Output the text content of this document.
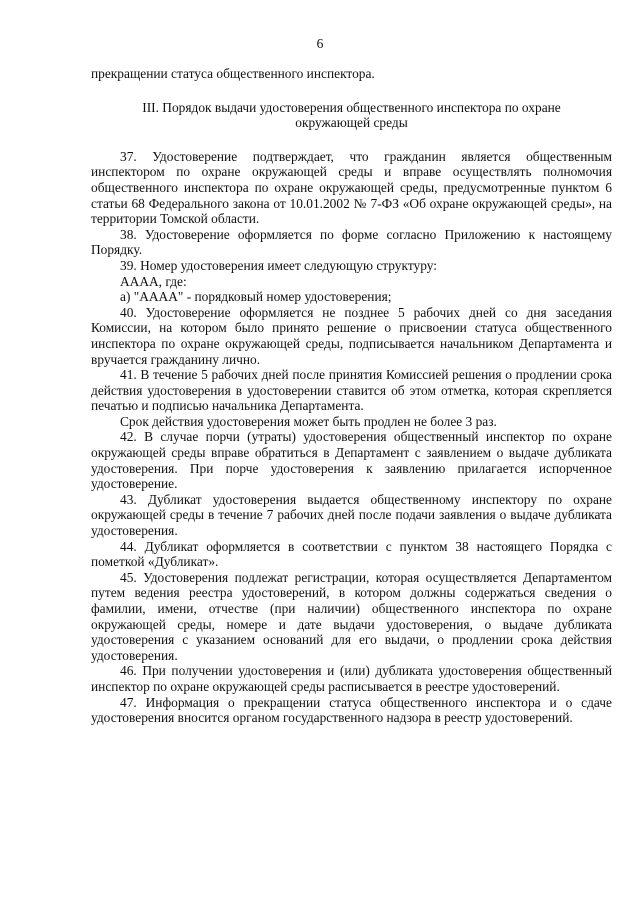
6

прекращении статуса общественного инспектора.

III. Порядок выдачи удостоверения общественного инспектора по охране окружающей среды

37. Удостоверение подтверждает, что гражданин является общественным инспектором по охране окружающей среды и вправе осуществлять полномочия общественного инспектора по охране окружающей среды, предусмотренные пунктом 6 статьи 68 Федерального закона от 10.01.2002 № 7-ФЗ «Об охране окружающей среды», на территории Томской области.

38. Удостоверение оформляется по форме согласно Приложению к настоящему Порядку.

39. Номер удостоверения имеет следующую структуру:

АААА, где:

а) "АААА" - порядковый номер удостоверения;

40. Удостоверение оформляется не позднее 5 рабочих дней со дня заседания Комиссии, на котором было принято решение о присвоении статуса общественного инспектора по охране окружающей среды, подписывается начальником Департамента и вручается гражданину лично.

41. В течение 5 рабочих дней после принятия Комиссией решения о продлении срока действия удостоверения в удостоверении ставится об этом отметка, которая скрепляется печатью и подписью начальника Департамента.

Срок действия удостоверения может быть продлен не более 3 раз.

42. В случае порчи (утраты) удостоверения общественный инспектор по охране окружающей среды вправе обратиться в Департамент с заявлением о выдаче дубликата удостоверения. При порче удостоверения к заявлению прилагается испорченное удостоверение.

43. Дубликат удостоверения выдается общественному инспектору по охране окружающей среды в течение 7 рабочих дней после подачи заявления о выдаче дубликата удостоверения.

44. Дубликат оформляется в соответствии с пунктом 38 настоящего Порядка с пометкой «Дубликат».

45. Удостоверения подлежат регистрации, которая осуществляется Департаментом путем ведения реестра удостоверений, в котором должны содержаться сведения о фамилии, имени, отчестве (при наличии) общественного инспектора по охране окружающей среды, номере и дате выдачи удостоверения, о выдаче дубликата удостоверения с указанием оснований для его выдачи, о продлении срока действия удостоверения.

46. При получении удостоверения и (или) дубликата удостоверения общественный инспектор по охране окружающей среды расписывается в реестре удостоверений.

47. Информация о прекращении статуса общественного инспектора и о сдаче удостоверения вносится органом государственного надзора в реестр удостоверений.
